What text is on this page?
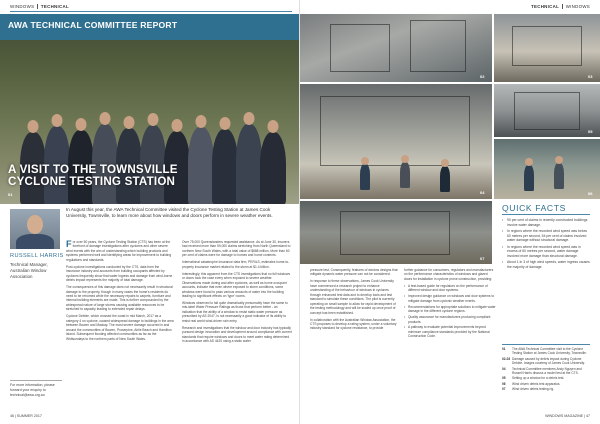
WINDOWS TECHNICAL
AWA TECHNICAL COMMITTEE REPORT
A VISIT TO THE TOWNSVILLE
CYCLONE TESTING STATION
01
RUSSELL HARRIS
Technical Manager, Australian Window Association
For more information, please forward your enquiry to technical@awa.org.au
In August this year, the AWA Technical Committee visited the Cyclone Testing Station at James Cook University, Townsville, to learn more about how windows and doors perform in severe weather events.

For over 50 years, the Cyclone Testing Station (CTS) has been at the forefront of damage investigations after cyclones and other severe wind events with the aim of understanding which building products and systems performed well and identifying areas for improvement to building regulations and standards.

Post-cyclone investigations conducted by the CTS, data from the insurance industry and accounts from building occupants affected by cyclones frequently show that water ingress and damage from wind-borne debris impact represents the majority of total damage.

The consequences of this damage does not necessarily result in structural damage to the property, though in many cases the home's residents do need to be rehomed while the necessary repairs to carpets, furniture and internal building elements are made. This is further compounded by the widespread nature of large storms causing available resources to be stretched to capacity leading to extended repair delays.

Cyclone Debbie, which crossed the coast in mid March, 2017 as a category 4 on cyclone, caused widespread damage to buildings in the area between Bowen and Mackay. The most severe damage occurred in and around the communities of Bowen, Proserpine, Airlie Beach and Hamilton Island. Subsequent flooding affected communities as far as the Whitsundays to the northern parts of New South Wales.

Over 75,000 Queenslanders requested assistance. As at June 30, insurers had received more than 59,000 claims stretching from North Queensland to northern New South Wales, with a total value of $688 million. More than 60 per cent of claims were for damage to homes and home contents.

International catastrophe insurance data firm, PERILS, estimates home-to-property insurance market related to the storm at $1.4 billion.

Interestingly, this apparent from the CTS investigations that no full windows or doors took the case every when exposed to severe weather. Observations made during and after cyclones, as well as home occupant accounts, indicate that even where exposed to storm conditions, some windows were found to pass various amounts of water into the building leading to significant effects on 'type' rooms.

Windows observed to fail quite dramatically presumably have the same to mis-label Water Pressure Ratings as those that perform better - an indication that the ability of a window to resist static water pressure as prescribed by AS 2047, is not necessarily a good indicator of its ability to resist real world wind-driven rain entry.

Research and investigations that the window and door industry has typically pursued design innovation and development around compliance with current standards that require windows and doors to meet water rating determined in accordance with AS 4420 using a static water

46 | SUMMER 2017
TECHNICAL WINDOWS
02	03
04
05
06
07

pressure test. Consequently, features of window designs that mitigate dynamic water pressure can not be considered.

In response to these observations, James Cook University have commenced a research project to enhance understanding of the behaviour of windows in cyclones through enhanced test data and to develop tools and test standard to simulate these conditions. The pilot is currently operating on small sample to allow for rapid development of the testing methodology and will be scaled up once proof of concept has been established.

In collaboration with the Australian Window Association, the CTS proposes to develop a rating system, under a voluntary industry standard for cyclone resistance, to provide

further guidance for consumers, regulators and manufacturers on the performance characteristics of windows and glazed doors for installation in cyclone prone construction, providing:

• A test-based guide for regulators on the performance of different window and door systems.
• Improved design guidance on windows and door systems to mitigate damage from cyclonic weather events.
• Recommendations for appropriate solutions to mitigate water damage in the different cyclone regions.
• Quality assurance for manufacturers producing compliant products.
• A pathway to evaluate potential improvements beyond minimum compliance standards provided by the National Construction Code.
QUICK FACTS
• 90 per cent of claims in recently constructed buildings involve water damage.
• In regions where the recorded wind speed was below 60 metres per second, 54 per cent of claims involved water damage without structural damage.
• In regions where the recorded wind speed was in excess of 60 metres per second, water damage involved more damage than structural damage.
• About 1 in 3 of high wind speeds, water ingress causes the majority of damage.
01	The AWA Technical Committee visit to the Cyclone Testing Station at James Cook University, Townsville.
02-03 Damage caused by debris impact during Cyclone Debbie. Images courtesy of James Cook University.
04	Technical Committee members Andy Nguyen and Russell Harris discuss a model test at the CTS.
05	Setting up a window for a debris test.
06	Wind driven debris test apparatus.
07	Wind driven debris testing rig.
WINDOWS MAGAZINE | 47
